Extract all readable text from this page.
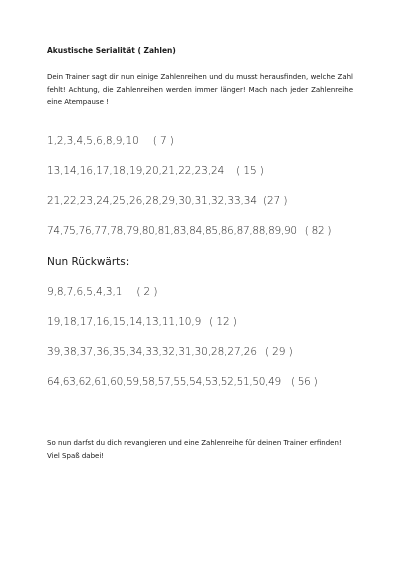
Akustische Serialität ( Zahlen)
Dein Trainer sagt dir nun einige Zahlenreihen und du musst herausfinden, welche Zahl fehlt! Achtung, die Zahlenreihen werden immer länger! Mach nach jeder Zahlenreihe eine Atempause !
1,2,3,4,5,6,8,9,10 ( 7 )
13,14,16,17,18,19,20,21,22,23,24 ( 15 )
21,22,23,24,25,26,28,29,30,31,32,33,34 (27 )
74,75,76,77,78,79,80,81,83,84,85,86,87,88,89,90 ( 82 )
Nun Rückwärts:
9,8,7,6,5,4,3,1 ( 2 )
19,18,17,16,15,14,13,11,10,9 ( 12 )
39,38,37,36,35,34,33,32,31,30,28,27,26 ( 29 )
64,63,62,61,60,59,58,57,55,54,53,52,51,50,49 ( 56 )

So nun darfst du dich revangieren und eine Zahlenreihe für deinen Trainer erfinden!

Viel Spaß dabei!
